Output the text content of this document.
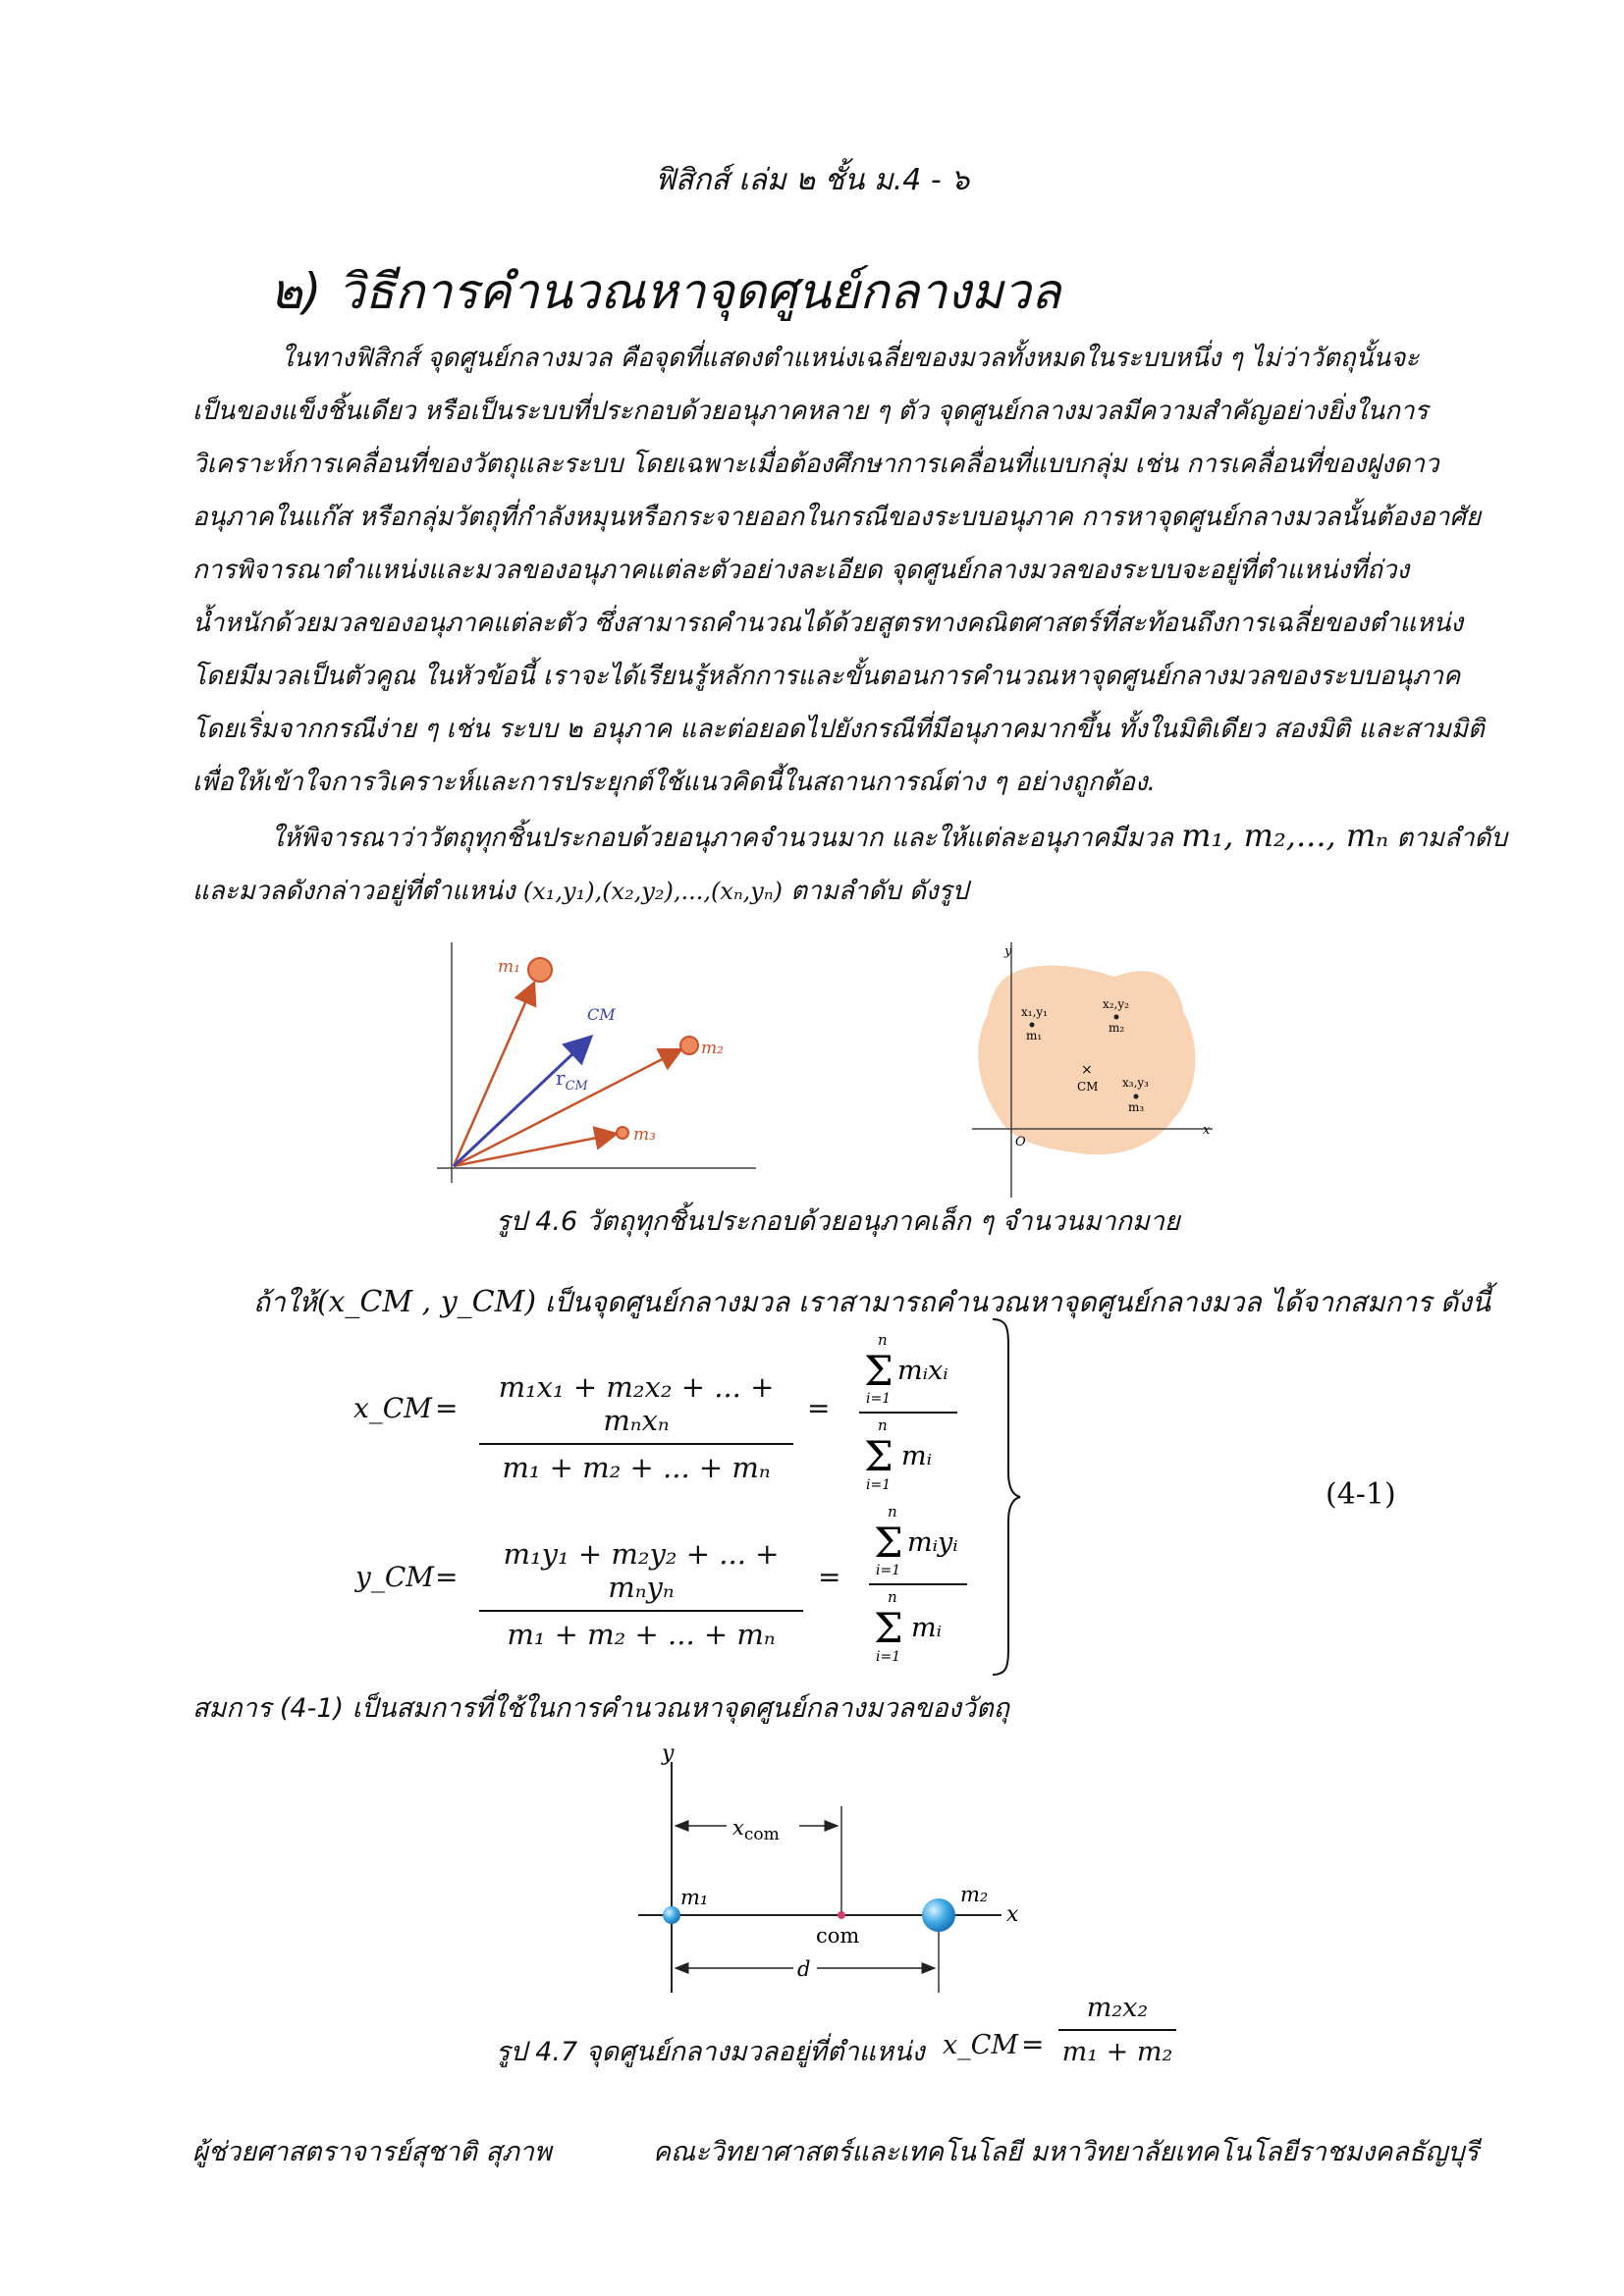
ฟิสิกส์ เล่ม ๒ ชั้น ม.4 - ๖
๒) วิธีการคำนวณหาจุดศูนย์กลางมวล
ในทางฟิสิกส์ จุดศูนย์กลางมวล คือจุดที่แสดงตำแหน่งเฉลี่ยของมวลทั้งหมดในระบบหนึ่ง ๆ ไม่ว่าวัตถุนั้นจะ
เป็นของแข็งชิ้นเดียว หรือเป็นระบบที่ประกอบด้วยอนุภาคหลาย ๆ ตัว จุดศูนย์กลางมวลมีความสำคัญอย่างยิ่งในการ
วิเคราะห์การเคลื่อนที่ของวัตถุและระบบ โดยเฉพาะเมื่อต้องศึกษาการเคลื่อนที่แบบกลุ่ม เช่น การเคลื่อนที่ของฝูงดาว
อนุภาคในแก๊ส หรือกลุ่มวัตถุที่กำลังหมุนหรือกระจายออกในกรณีของระบบอนุภาค การหาจุดศูนย์กลางมวลนั้นต้องอาศัย
การพิจารณาตำแหน่งและมวลของอนุภาคแต่ละตัวอย่างละเอียด จุดศูนย์กลางมวลของระบบจะอยู่ที่ตำแหน่งที่ถ่วง
น้ำหนักด้วยมวลของอนุภาคแต่ละตัว ซึ่งสามารถคำนวณได้ด้วยสูตรทางคณิตศาสตร์ที่สะท้อนถึงการเฉลี่ยของตำแหน่ง
โดยมีมวลเป็นตัวคูณ ในหัวข้อนี้ เราจะได้เรียนรู้หลักการและขั้นตอนการคำนวณหาจุดศูนย์กลางมวลของระบบอนุภาค
โดยเริ่มจากกรณีง่าย ๆ เช่น ระบบ ๒ อนุภาค และต่อยอดไปยังกรณีที่มีอนุภาคมากขึ้น ทั้งในมิติเดียว สองมิติ และสามมิติ
เพื่อให้เข้าใจการวิเคราะห์และการประยุกต์ใช้แนวคิดนี้ในสถานการณ์ต่าง ๆ อย่างถูกต้อง.
ให้พิจารณาว่าวัตถุทุกชิ้นประกอบด้วยอนุภาคจำนวนมาก และให้แต่ละอนุภาคมีมวล m₁, m₂,..., mₙ ตามลำดับ
และมวลดังกล่าวอยู่ที่ตำแหน่ง (x₁,y₁),(x₂,y₂),...,(xₙ,yₙ) ตามลำดับ ดังรูป
m₁
m₂
m₃
CM
$r_{CM}$
y
x
O
x₁,y₁
m₁
x₂,y₂
m₂
x₃,y₃
m₃
×
CM
รูป 4.6 วัตถุทุกชิ้นประกอบด้วยอนุภาคเล็ก ๆ จำนวนมากมาย
ถ้าให้(x_CM , y_CM) เป็นจุดศูนย์กลางมวล เราสามารถคำนวณหาจุดศูนย์กลางมวล ได้จากสมการ ดังนี้
x_CM =
m₁x₁ + m₂x₂ + ... + mₙxₙ
m₁ + m₂ + ... + mₙ
=
n
Σ mᵢxᵢ
i=1
n
Σ mᵢ
i=1
y_CM =
m₁y₁ + m₂y₂ + ... + mₙyₙ
m₁ + m₂ + ... + mₙ
=
n
Σ mᵢyᵢ
i=1
n
Σ mᵢ
i=1
(4-1)
สมการ (4-1) เป็นสมการที่ใช้ในการคำนวณหาจุดศูนย์กลางมวลของวัตถุ
y
x
$x_{com}$
d
m₁	m₂
com
รูป 4.7 จุดศูนย์กลางมวลอยู่ที่ตำแหน่ง x_CM = $\frac{\text{m₂x₂}}{\text{m₁ + m₂}}$
ผู้ช่วยศาสตราจารย์สุชาติ สุภาพ	คณะวิทยาศาสตร์และเทคโนโลยี มหาวิทยาลัยเทคโนโลยีราชมงคลธัญบุรี
